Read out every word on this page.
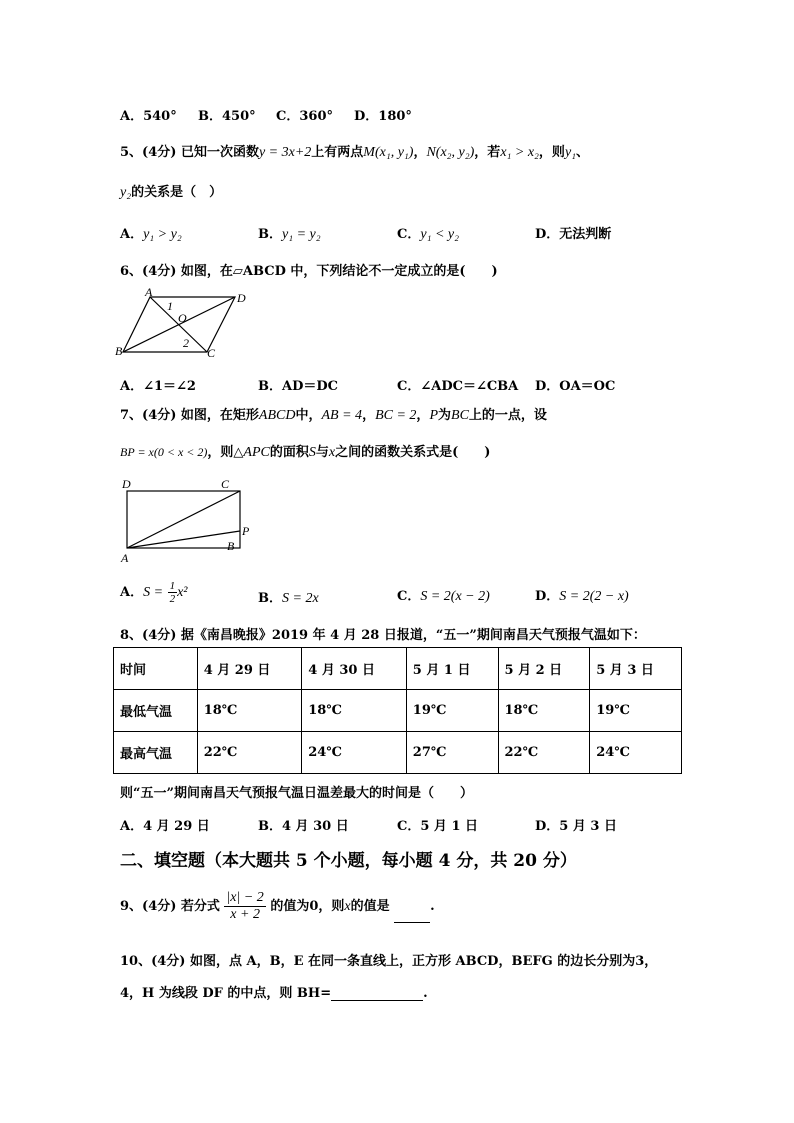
A．540° B．450° C．360° D．180°
5、(4分) 已知一次函数y = 3x+2上有两点M(x₁, y₁)，N(x₂, y₂)，若x₁ > x₂，则y₁、
y₂的关系是（　）
A．y₁ > y₂	B．y₁ = y₂	C．y₁ < y₂	D．无法判断
6、(4分) 如图，在▱ABCD 中，下列结论不一定成立的是(　　)
A	D
B	C
O
1
2
A．∠1＝∠2	B．AD＝DC	C．∠ADC＝∠CBA D．OA＝OC
7、(4分) 如图，在矩形ABCD中，AB = 4，BC = 2，P为BC上的一点，设
BP = x(0 < x < 2)，则△APC的面积S与x之间的函数关系式是(　　)
D	C
P
A
B
A．$S = \frac{1}{2} x^2$	B．S = 2x	C．S = 2(x − 2)	D．S = 2(2 − x)
8、(4分) 据《南昌晚报》2019 年 4 月 28 日报道，“五一”期间南昌天气预报气温如下：
时间	4 月 29 日	4 月 30 日	5 月 1 日	5 月 2 日	5 月 3 日
最低气温	18℃	18℃	19℃	18℃	19℃
最高气温	22℃	24℃	27℃	22℃	24℃
则“五一”期间南昌天气预报气温日温差最大的时间是（　　）
A．4 月 29 日	B．4 月 30 日	C．5 月 1 日	D．5 月 3 日
二、填空题（本大题共 5 个小题，每小题 4 分，共 20 分）
9、(4分) 若分式 $\frac{|x| - 2}{x + 2}$ 的值为0，则x的值是	.
10、(4分) 如图，点 A，B，E 在同一条直线上，正方形 ABCD，BEFG 的边长分别为3，
4，H 为线段 DF 的中点，则 BH=	.
